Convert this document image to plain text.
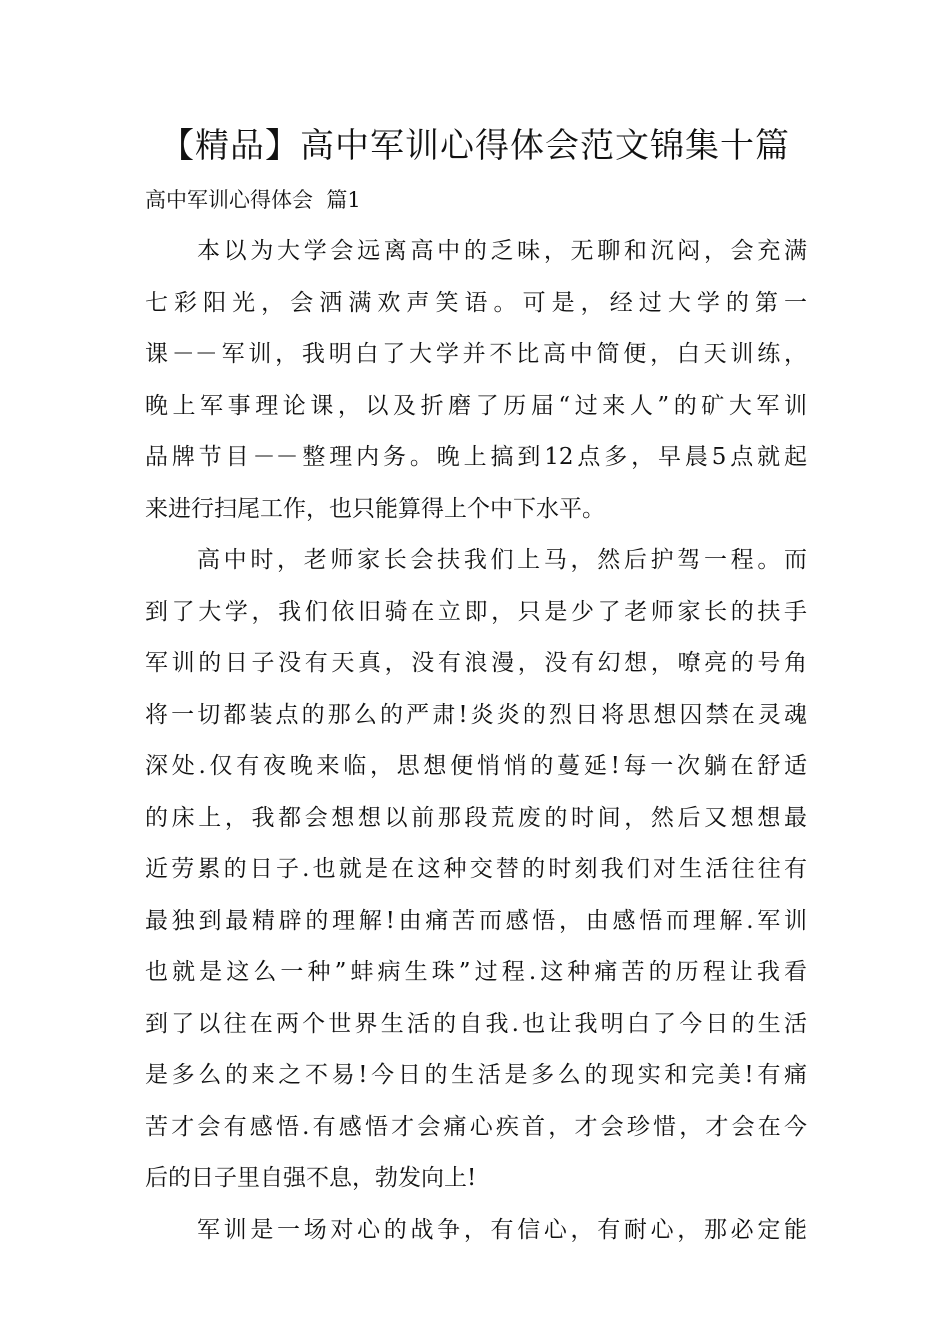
【精品】高中军训心得体会范文锦集十篇
高中军训心得体会  篇1
本以为大学会远离高中的乏味，无聊和沉闷，会充满
七彩阳光，会洒满欢声笑语。可是，经过大学的第一
课－－军训，我明白了大学并不比高中简便，白天训练，
晚上军事理论课，以及折磨了历届“过来人”的矿大军训
品牌节目－－整理内务。晚上搞到12点多，早晨5点就起
来进行扫尾工作，也只能算得上个中下水平。
高中时，老师家长会扶我们上马，然后护驾一程。而
到了大学，我们依旧骑在立即，只是少了老师家长的扶手
军训的日子没有天真，没有浪漫，没有幻想，嘹亮的号角
将一切都装点的那么的严肃!炎炎的烈日将思想囚禁在灵魂
深处.仅有夜晚来临，思想便悄悄的蔓延!每一次躺在舒适
的床上，我都会想想以前那段荒废的时间，然后又想想最
近劳累的日子.也就是在这种交替的时刻我们对生活往往有
最独到最精辟的理解!由痛苦而感悟，由感悟而理解.军训
也就是这么一种”蚌病生珠”过程.这种痛苦的历程让我看
到了以往在两个世界生活的自我.也让我明白了今日的生活
是多么的来之不易!今日的生活是多么的现实和完美!有痛
苦才会有感悟.有感悟才会痛心疾首，才会珍惜，才会在今
后的日子里自强不息，勃发向上!
军训是一场对心的战争，有信心，有耐心，那必定能
